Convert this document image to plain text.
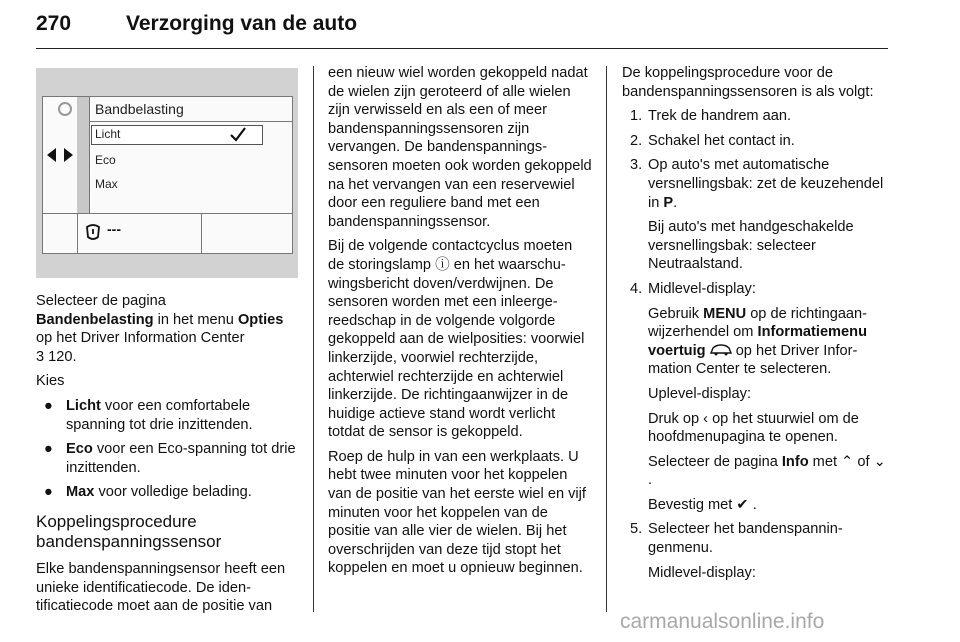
270	Verzorging van de auto
Bandbelasting
Licht
Eco
Max
---

Selecteer de pagina
Bandenbelasting in het menu Opties
op het Driver Information Center
3 120.

Kies

● Licht voor een comfortabele spanning tot drie inzittenden.
● Eco voor een Eco-spanning tot drie inzittenden.
● Max voor volledige belading.
Koppelingsprocedure
bandenspanningssensor

Elke bandenspanningsensor heeft een unieke identificatiecode. De identificatiecode moet aan de positie van

een nieuw wiel worden gekoppeld nadat de wielen zijn geroteerd of alle wielen zijn verwisseld en als een of meer bandenspanningssensoren zijn vervangen. De bandenspanningssensoren moeten ook worden gekoppeld na het vervangen van een reservewiel door een reguliere band met een bandenspanningssensor.

Bij de volgende contactcyclus moeten de storingslamp ⓘ en het waarschuwingsbericht doven/verdwijnen. De sensoren worden met een inleergereedschap in de volgende volgorde gekoppeld aan de wielposities: voorwiel linkerzijde, voorwiel rechterzijde, achterwiel rechterzijde en achterwiel linkerzijde. De richtingaanwijzer in de huidige actieve stand wordt verlicht totdat de sensor is gekoppeld.

Roep de hulp in van een werkplaats. U hebt twee minuten voor het koppelen van de positie van het eerste wiel en vijf minuten voor het koppelen van de positie van alle vier de wielen. Bij het overschrijden van deze tijd stopt het koppelen en moet u opnieuw beginnen.

De koppelingsprocedure voor de bandenspanningssensoren is als volgt:

1. Trek de handrem aan.
2. Schakel het contact in.
3. Op auto's met automatische versnellingsbak: zet de keuzehendel in P.
Bij auto's met handgeschakelde versnellingsbak: selecteer Neutraalstand.
4. Midlevel-display:
Gebruik MENU op de richtingaanwijzerhendel om Informatiemenu voertuig  op het Driver Information Center te selecteren.
Uplevel-display:
Druk op ‹ op het stuurwiel om de hoofdmenupagina te openen.
Selecteer de pagina Info met ⌃ of ⌄ .
Bevestig met ✔ .
5. Selecteer het bandenspanningenmenu.
Midlevel-display:
carmanualsonline.info
